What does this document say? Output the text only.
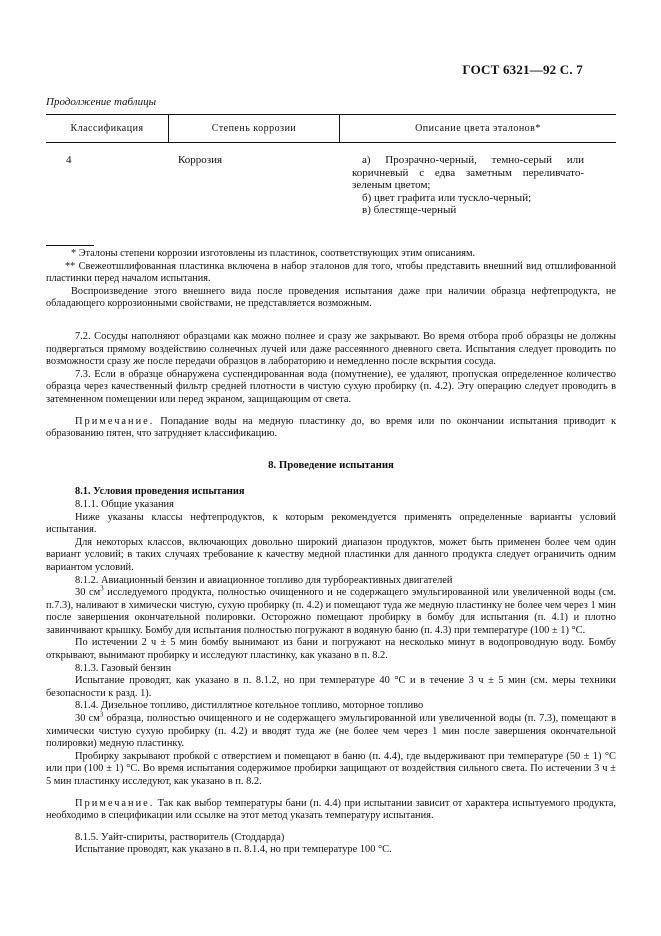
ГОСТ 6321—92 С. 7
Продолжение таблицы
Классификация	Степень коррозии	Описание цвета эталонов*
4	Коррозия	а) Прозрачно-черный, темно-серый или коричневый с едва заметным переливчато-зеленым цветом;

б) цвет графита или тускло-черный;

в) блестяще-черный

* Эталоны степени коррозии изготовлены из пластинок, соответствующих этим описаниям.

** Свежеотшлифованная пластинка включена в набор эталонов для того, чтобы представить внешний вид отшлифованной пластинки перед началом испытания.

Воспроизведение этого внешнего вида после проведения испытания даже при наличии образца нефтепродукта, не обладающего коррозионными свойствами, не представляется возможным.

7.2. Сосуды наполняют образцами как можно полнее и сразу же закрывают. Во время отбора проб образцы не должны подвергаться прямому воздействию солнечных лучей или даже рассеянного дневного света. Испытания следует проводить по возможности сразу же после передачи образцов в лабораторию и немедленно после вскрытия сосуда.

7.3. Если в образце обнаружена суспендированная вода (помутнение), ее удаляют, пропуская определенное количество образца через качественный фильтр средней плотности в чистую сухую пробирку (п. 4.2). Эту операцию следует проводить в затемненном помещении или перед экраном, защищающим от света.

Примечание. Попадание воды на медную пластинку до, во время или по окончании испытания приводит к образованию пятен, что затрудняет классификацию.

8. Проведение испытания

8.1. Условия проведения испытания

8.1.1. Общие указания

Ниже указаны классы нефтепродуктов, к которым рекомендуется применять определенные варианты условий испытания.

Для некоторых классов, включающих довольно широкий диапазон продуктов, может быть применен более чем один вариант условий; в таких случаях требование к качеству медной пластинки для данного продукта следует ограничить одним вариантом условий.

8.1.2. Авиационный бензин и авиационное топливо для турбореактивных двигателей

30 $см^3$ исследуемого продукта, полностью очищенного и не содержащего эмульгированной или увеличенной воды (см. п.7.3), наливают в химически чистую, сухую пробирку (п. 4.2) и помещают туда же медную пластинку не более чем через 1 мин после завершения окончательной полировки. Осторожно помещают пробирку в бомбу для испытания (п. 4.1) и плотно завинчивают крышку. Бомбу для испытания полностью погружают в водяную баню (п. 4.3) при температуре (100 ± 1) °С.

По истечении 2 ч ± 5 мин бомбу вынимают из бани и погружают на несколько минут в водопроводную воду. Бомбу открывают, вынимают пробирку и исследуют пластинку, как указано в п. 8.2.

8.1.3. Газовый бензин

Испытание проводят, как указано в п. 8.1.2, но при температуре 40 °С и в течение 3 ч ± 5 мин (см. меры техники безопасности к разд. 1).

8.1.4. Дизельное топливо, дистиллятное котельное топливо, моторное топливо

30 $см^3$ образца, полностью очищенного и не содержащего эмульгированной или увеличенной воды (п. 7.3), помещают в химически чистую сухую пробирку (п. 4.2) и вводят туда же (не более чем через 1 мин после завершения окончательной полировки) медную пластинку.

Пробирку закрывают пробкой с отверстием и помещают в баню (п. 4.4), где выдерживают при температуре (50 ± 1) °С или при (100 ± 1) °С. Во время испытания содержимое пробирки защищают от воздействия сильного света. По истечении 3 ч ± 5 мин пластинку исследуют, как указано в п. 8.2.

Примечание. Так как выбор температуры бани (п. 4.4) при испытании зависит от характера испытуемого продукта, необходимо в спецификации или ссылке на этот метод указать температуру испытания.

8.1.5. Уайт-спириты, растворитель (Стоддарда)

Испытание проводят, как указано в п. 8.1.4, но при температуре 100 °С.
